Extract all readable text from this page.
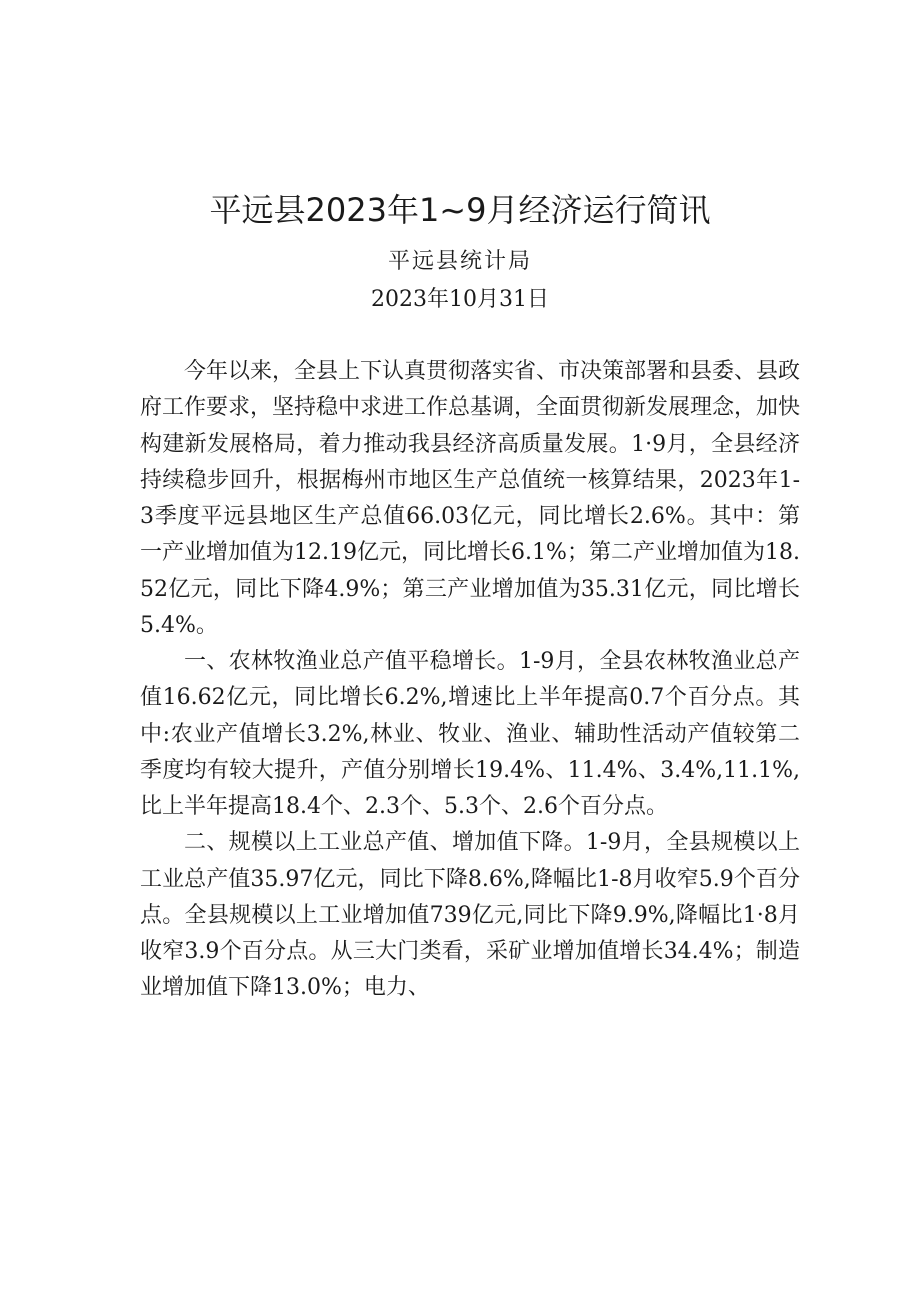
平远县2023年1~9月经济运行简讯
平远县统计局
2023年10月31日

今年以来，全县上下认真贯彻落实省、市决策部署和县委、县政府工作要求，坚持稳中求进工作总基调，全面贯彻新发展理念，加快构建新发展格局，着力推动我县经济高质量发展。1·9月，全县经济持续稳步回升，根据梅州市地区生产总值统一核算结果，2023年1-3季度平远县地区生产总值66.03亿元，同比增长2.6%。其中：第一产业增加值为12.19亿元，同比增长6.1%；第二产业增加值为18.52亿元，同比下降4.9%；第三产业增加值为35.31亿元，同比增长5.4%。

一、农林牧渔业总产值平稳增长。1-9月，全县农林牧渔业总产值16.62亿元，同比增长6.2%,增速比上半年提高0.7个百分点。其中:农业产值增长3.2%,林业、牧业、渔业、辅助性活动产值较第二季度均有较大提升，产值分别增长19.4%、11.4%、3.4%,11.1%,比上半年提高18.4个、2.3个、5.3个、2.6个百分点。

二、规模以上工业总产值、增加值下降。1-9月，全县规模以上工业总产值35.97亿元，同比下降8.6%,降幅比1-8月收窄5.9个百分点。全县规模以上工业增加值739亿元,同比下降9.9%,降幅比1·8月收窄3.9个百分点。从三大门类看，采矿业增加值增长34.4%；制造业增加值下降13.0%；电力、
